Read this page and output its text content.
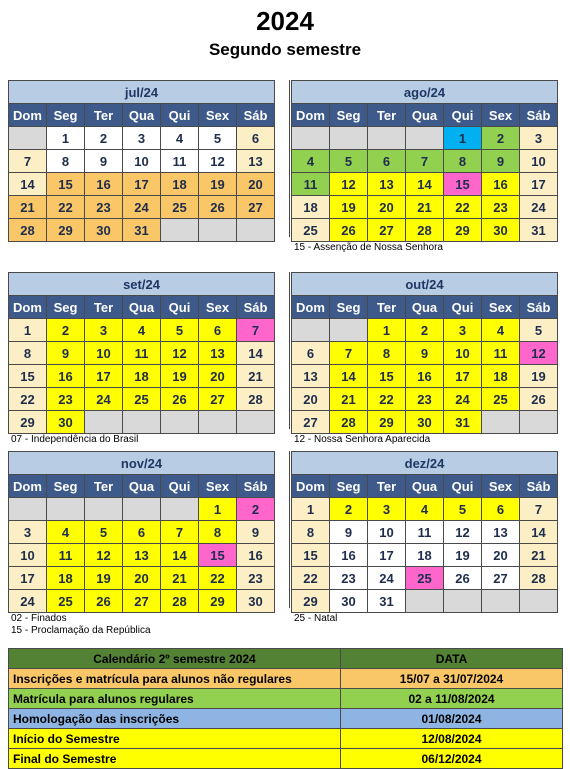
2024
Segundo semestre
jul/24						
Dom	Seg	Ter	Qua	Qui	Sex	Sáb
	1	2	3	4	5	6
7	8	9	10	11	12	13
14	15	16	17	18	19	20
21	22	23	24	25	26	27
28	29	30	31			
ago/24						
Dom	Seg	Ter	Qua	Qui	Sex	Sáb
				1	2	3
4	5	6	7	8	9	10
11	12	13	14	15	16	17
18	19	20	21	22	23	24
25	26	27	28	29	30	31
15 - Assenção de Nossa Senhora
set/24						
Dom	Seg	Ter	Qua	Qui	Sex	Sáb
1	2	3	4	5	6	7
8	9	10	11	12	13	14
15	16	17	18	19	20	21
22	23	24	25	26	27	28
29	30					
07 - Independência do Brasil
out/24						
Dom	Seg	Ter	Qua	Qui	Sex	Sáb
		1	2	3	4	5
6	7	8	9	10	11	12
13	14	15	16	17	18	19
20	21	22	23	24	25	26
27	28	29	30	31		
12 - Nossa Senhora Aparecida
nov/24						
Dom	Seg	Ter	Qua	Qui	Sex	Sáb
					1	2
3	4	5	6	7	8	9
10	11	12	13	14	15	16
17	18	19	20	21	22	23
24	25	26	27	28	29	30
02 - Finados
15 - Proclamação da República
dez/24						
Dom	Seg	Ter	Qua	Qui	Sex	Sáb
1	2	3	4	5	6	7
8	9	10	11	12	13	14
15	16	17	18	19	20	21
22	23	24	25	26	27	28
29	30	31				
25 - Natal
Calendário 2º semestre 2024	DATA
Inscrições e matrícula para alunos não regulares	15/07 a 31/07/2024
Matrícula para alunos regulares	02 a 11/08/2024
Homologação das inscrições	01/08/2024
Início do Semestre	12/08/2024
Final do Semestre	06/12/2024
